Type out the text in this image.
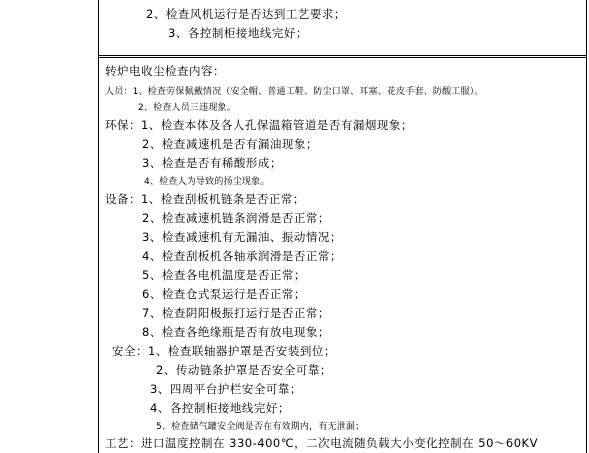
2、检查风机运行是否达到工艺要求；
3、各控制柜接地线完好；
转炉电收尘检查内容：
人员：1、检查劳保佩戴情况（安全帽、普通工鞋、防尘口罩、耳塞、花皮手套、防酸工服）。
2、检查人员三违现象。
环保：1、检查本体及各人孔保温箱管道是否有漏烟现象；
2、检查减速机是否有漏油现象；
3、检查是否有稀酸形成；
4、检查人为导致的扬尘现象。
设备：1、检查刮板机链条是否正常；
2、检查减速机链条润滑是否正常；
3、检查减速机有无漏油、振动情况；
4、检查刮板机各轴承润滑是否正常；
5、检查各电机温度是否正常；
6、检查仓式泵运行是否正常；
7、检查阴阳极振打运行是否正常；
8、检查各绝缘瓶是否有放电现象；
安全：1、检查联轴器护罩是否安装到位；
2、传动链条护罩是否安全可靠；
3、四周平台护栏安全可靠；
4、各控制柜接地线完好；
5、检查储气罐安全阀是否在有效期内，有无泄漏；
工艺：进口温度控制在 330-400℃，二次电流随负载大小变化控制在 50～60KV
